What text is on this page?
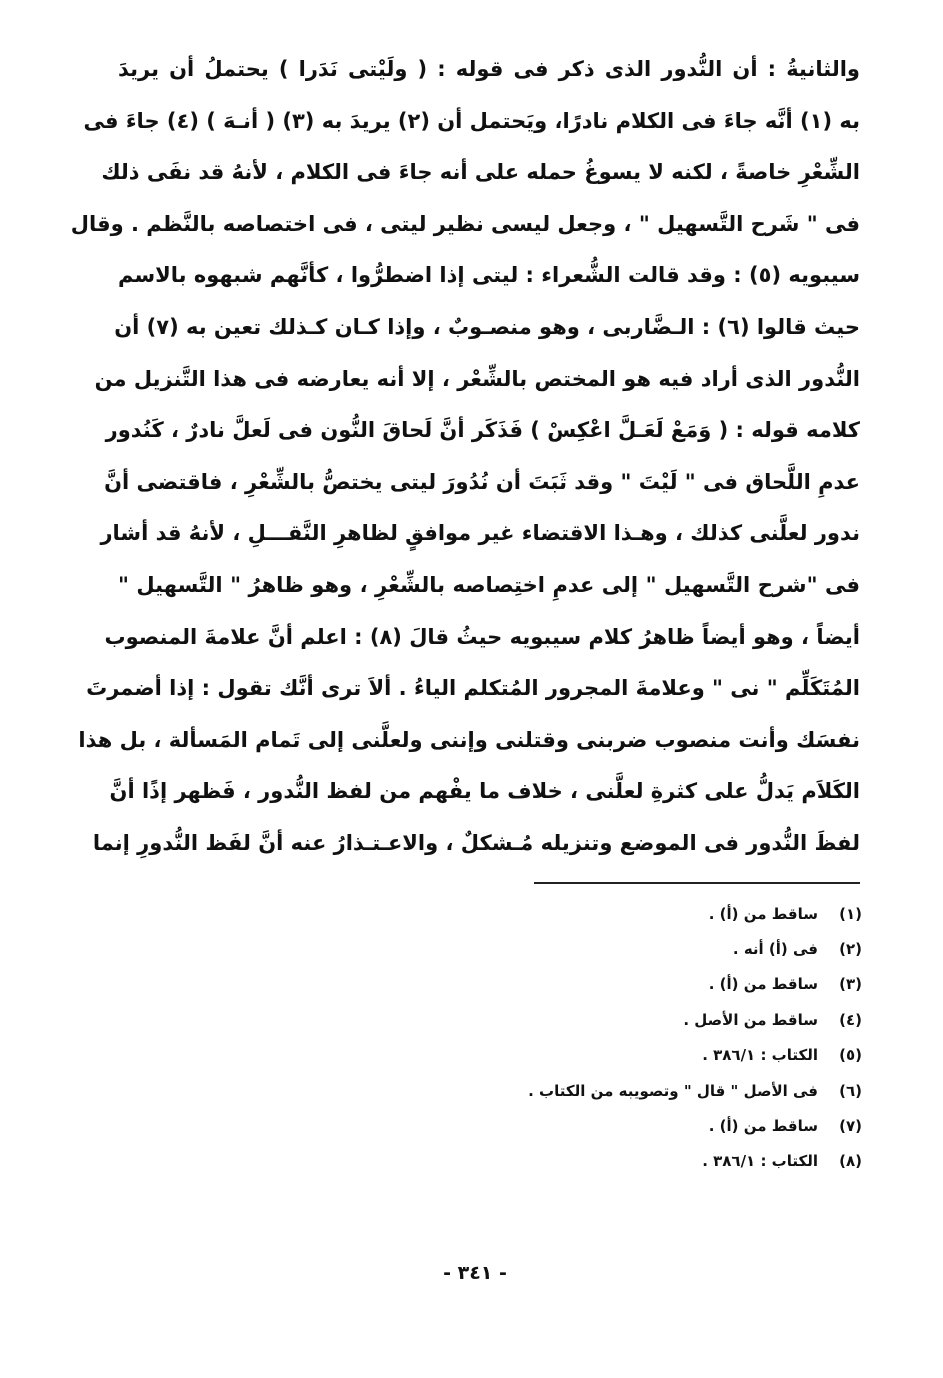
والثانيةُ : أن النُّدور الذى ذكر فى قوله : ( ولَيْتى نَدَرا ) يحتملُ أن يريدَ
به (١) أنَّه جاءَ فى الكلام نادرًا، ويَحتمل أن (٢) يريدَ به (٣) ( أنـهَ ) (٤) جاءَ فى
الشِّعْرِ خاصةً ، لكنه لا يسوغُ حمله على أنه جاءَ فى الكلام ، لأنهُ قد نفَى ذلك
فى " شَرح التَّسهيل " ، وجعل ليسى نظير ليتى ، فى اختصاصه بالنَّظم . وقال
سيبويه (٥) : وقد قالت الشُّعراء : ليتى إذا اضطرُّوا ، كأنَّهم شبهوه بالاسم
حيث قالوا (٦) : الـضَّاربى ، وهو منصـوبٌ ، وإذا كـان كـذلك تعين به (٧) أن
النُّدور الذى أراد فيه هو المختص بالشِّعْر ، إلا أنه يعارضه فى هذا التَّنزيل من
كلامه قوله : ( وَمَعْ لَعَـلَّ اعْكِسْ ) فَذَكَر أنَّ لَحاقَ النُّون فى لَعلَّ نادرٌ ، كَنُدور
عدمِ اللَّحاق فى " لَيْتَ " وقد ثَبَتَ أن نُدُورَ ليتى يختصُّ بالشِّعْرِ ، فاقتضى أنَّ
ندور لعلَّنى كذلك ، وهـذا الاقتضاء غير موافقٍ لظاهرِ النَّقـــلِ ، لأنهُ قد أشار
فى "شرح التَّسهيل " إلى عدمِ اختِصاصه بالشِّعْرِ ، وهو ظاهرُ " التَّسهيل "
أيضاً ، وهو أيضاً ظاهرُ كلام سيبويه حيثُ قالَ (٨) : اعلم أنَّ علامةَ المنصوب
المُتَكَلِّم " نى " وعلامةَ المجرور المُتكلم الياءُ . ألاَ ترى أنَّك تقول : إذا أضمرتَ
نفسَك وأنت منصوب ضربنى وقتلنى وإننى ولعلَّنى إلى تَمام المَسألة ، بل هذا
الكَلاَم يَدلُّ على كثرةِ لعلَّنى ، خلاف ما يفْهم من لفظ النُّدور ، فَظهر إذًا أنَّ
لفظَ النُّدور فى الموضع وتنزيله مُـشكلٌ ، والاعـتـذارُ عنه أنَّ لفَظ النُّدورِ إنما
(١)
ساقط من (أ) .
(٢)
فى (أ) أنه .
(٣)
ساقط من (أ) .
(٤)
ساقط من الأصل .
(٥)
الكتاب : ٣٨٦/١ .
(٦)
فى الأصل " قال " وتصويبه من الكتاب .
(٧)
ساقط من (أ) .
(٨)
الكتاب : ٣٨٦/١ .
- ٣٤١ -
